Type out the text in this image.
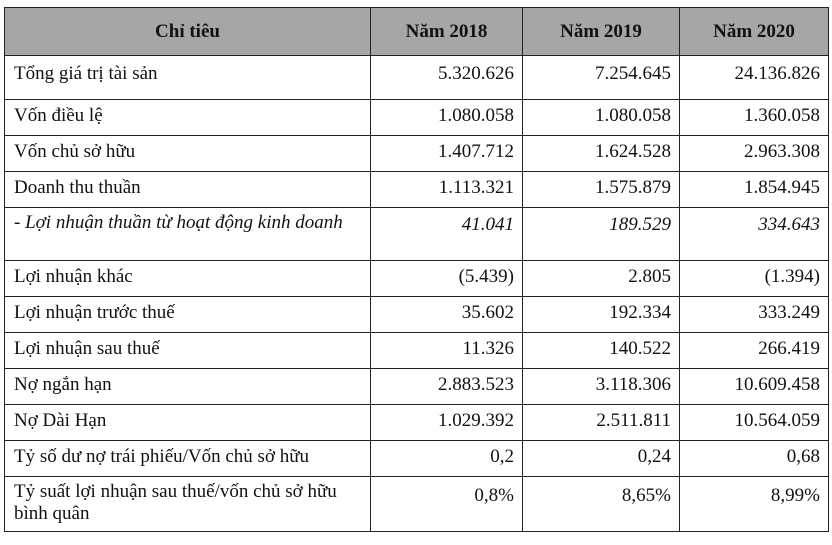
Chỉ tiêu	Năm 2018	Năm 2019	Năm 2020
Tổng giá trị tài sản	5.320.626	7.254.645	24.136.826
Vốn điều lệ	1.080.058	1.080.058	1.360.058
Vốn chủ sở hữu	1.407.712	1.624.528	2.963.308
Doanh thu thuần	1.113.321	1.575.879	1.854.945
- Lợi nhuận thuần từ hoạt động kinh doanh	41.041	189.529	334.643
Lợi nhuận khác	(5.439)	2.805	(1.394)
Lợi nhuận trước thuế	35.602	192.334	333.249
Lợi nhuận sau thuế	11.326	140.522	266.419
Nợ ngắn hạn	2.883.523	3.118.306	10.609.458
Nợ Dài Hạn	1.029.392	2.511.811	10.564.059
Tỷ số dư nợ trái phiếu/Vốn chủ sở hữu	0,2	0,24	0,68
Tỷ suất lợi nhuận sau thuế/vốn chủ sở hữu bình quân	0,8%	8,65%	8,99%
